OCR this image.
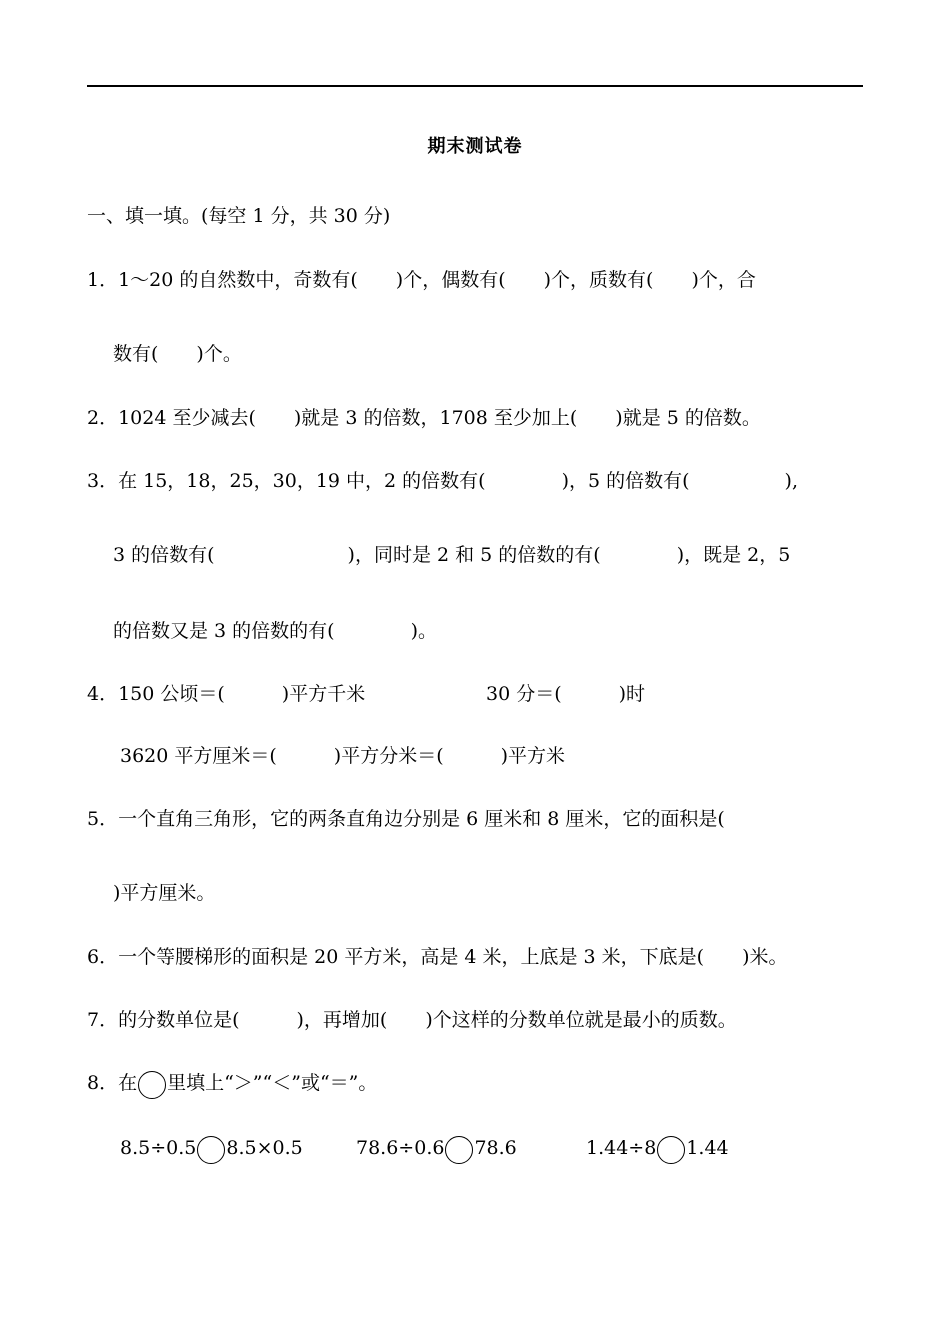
期末测试卷
一、填一填。(每空 1 分，共 30 分)
1．1～20 的自然数中，奇数有(　　)个，偶数有(　　)个，质数有(　　)个，合
数有(　　)个。
2．1024 至少减去(　　)就是 3 的倍数，1708 至少加上(　　)就是 5 的倍数。
3．在 15，18，25，30，19 中，2 的倍数有(　　　　)，5 的倍数有(　　　　　),
3 的倍数有(　　　　　　　)，同时是 2 和 5 的倍数的有(　　　　)，既是 2，5
的倍数又是 3 的倍数的有(　　　　)。
4．150 公顷＝(　　　)平方千米	30 分＝(　　　)时
3620 平方厘米＝(　　　)平方分米＝(　　　)平方米
5．一个直角三角形，它的两条直角边分别是 6 厘米和 8 厘米，它的面积是(
)平方厘米。
6．一个等腰梯形的面积是 20 平方米，高是 4 米，上底是 3 米，下底是(　　)米。
7．的分数单位是(　　　)，再增加(　　)个这样的分数单位就是最小的质数。
8．在 里填上“＞”“＜”或“＝”。
8.5÷0.5 8.5×0.5	78.6÷0.6 78.6	1.44÷8 1.44
